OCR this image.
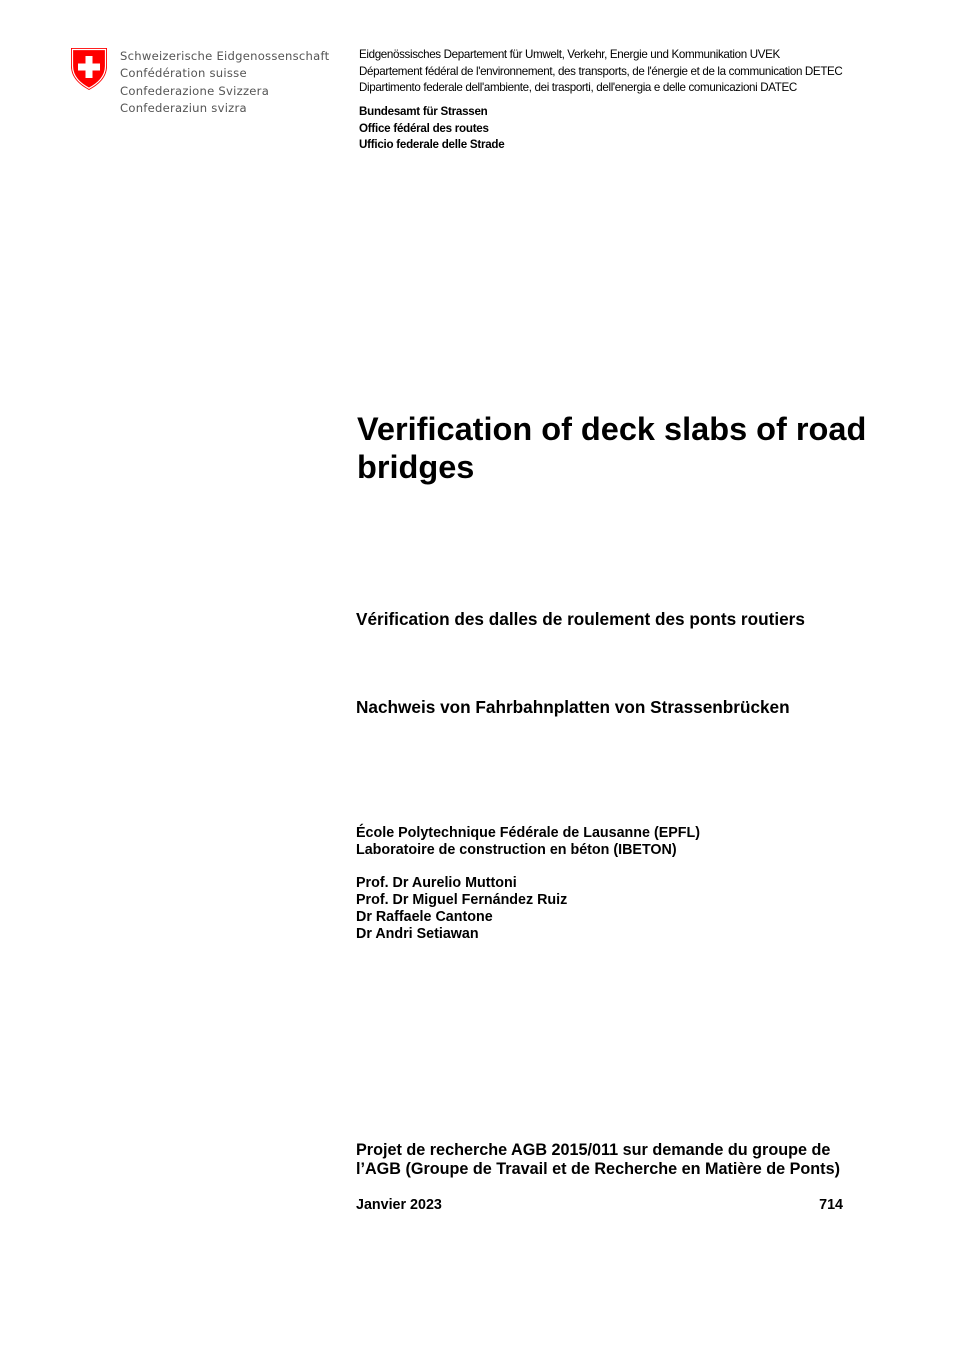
Schweizerische Eidgenossenschaft
Confédération suisse
Confederazione Svizzera
Confederaziun svizra
Eidgenössisches Departement für Umwelt, Verkehr, Energie und Kommunikation UVEK
Département fédéral de l'environnement, des transports, de l'énergie et de la communication DETEC
Dipartimento federale dell'ambiente, dei trasporti, dell'energia e delle comunicazioni DATEC
Bundesamt für Strassen
Office fédéral des routes
Ufficio federale delle Strade
Verification of deck slabs of road bridges
Vérification des dalles de roulement des ponts routiers
Nachweis von Fahrbahnplatten von Strassenbrücken
École Polytechnique Fédérale de Lausanne (EPFL)
Laboratoire de construction en béton (IBETON)
Prof. Dr Aurelio Muttoni
Prof. Dr Miguel Fernández Ruiz
Dr Raffaele Cantone
Dr Andri Setiawan
Projet de recherche AGB 2015/011 sur demande du groupe de
l’AGB (Groupe de Travail et de Recherche en Matière de Ponts)
Janvier 2023	714
